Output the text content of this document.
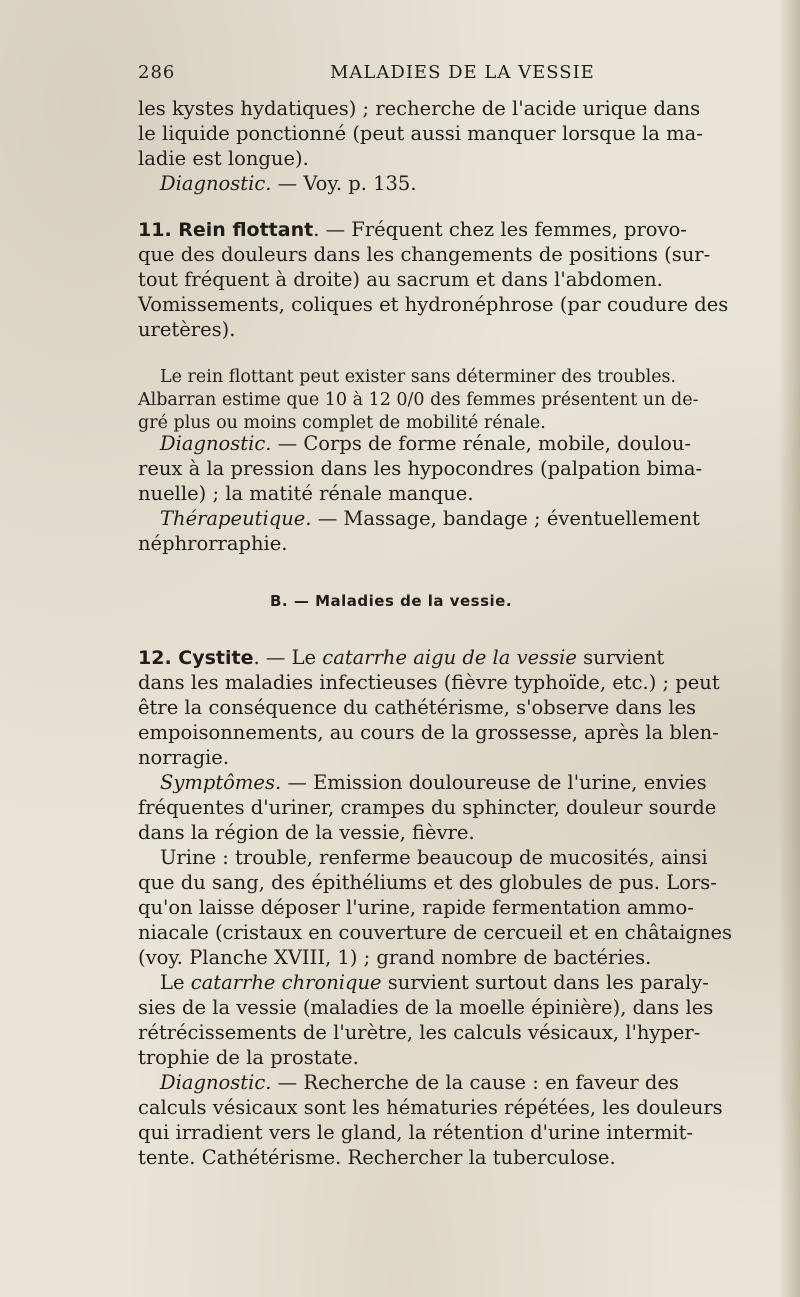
286	MALADIES DE LA VESSIE
les kystes hydatiques) ; recherche de l'acide urique dans
le liquide ponctionné (peut aussi manquer lorsque la ma-
ladie est longue).
Diagnostic. — Voy. p. 135.
11. Rein flottant. — Fréquent chez les femmes, provo-
que des douleurs dans les changements de positions (sur-
tout fréquent à droite) au sacrum et dans l'abdomen.
Vomissements, coliques et hydronéphrose (par coudure des
uretères).
Le rein flottant peut exister sans déterminer des troubles.
Albarran estime que 10 à 12 0/0 des femmes présentent un de-
gré plus ou moins complet de mobilité rénale.
Diagnostic. — Corps de forme rénale, mobile, doulou-
reux à la pression dans les hypocondres (palpation bima-
nuelle) ; la matité rénale manque.
Thérapeutique. — Massage, bandage ; éventuellement
néphrorraphie.
B. — Maladies de la vessie.
12. Cystite. — Le catarrhe aigu de la vessie survient
dans les maladies infectieuses (fièvre typhoïde, etc.) ; peut
être la conséquence du cathétérisme, s'observe dans les
empoisonnements, au cours de la grossesse, après la blen-
norragie.
Symptômes. — Emission douloureuse de l'urine, envies
fréquentes d'uriner, crampes du sphincter, douleur sourde
dans la région de la vessie, fièvre.
Urine : trouble, renferme beaucoup de mucosités, ainsi
que du sang, des épithéliums et des globules de pus. Lors-
qu'on laisse déposer l'urine, rapide fermentation ammo-
niacale (cristaux en couverture de cercueil et en châtaignes
(voy. Planche XVIII, 1) ; grand nombre de bactéries.
Le catarrhe chronique survient surtout dans les paraly-
sies de la vessie (maladies de la moelle épinière), dans les
rétrécissements de l'urètre, les calculs vésicaux, l'hyper-
trophie de la prostate.
Diagnostic. — Recherche de la cause : en faveur des
calculs vésicaux sont les hématuries répétées, les douleurs
qui irradient vers le gland, la rétention d'urine intermit-
tente. Cathétérisme. Rechercher la tuberculose.
